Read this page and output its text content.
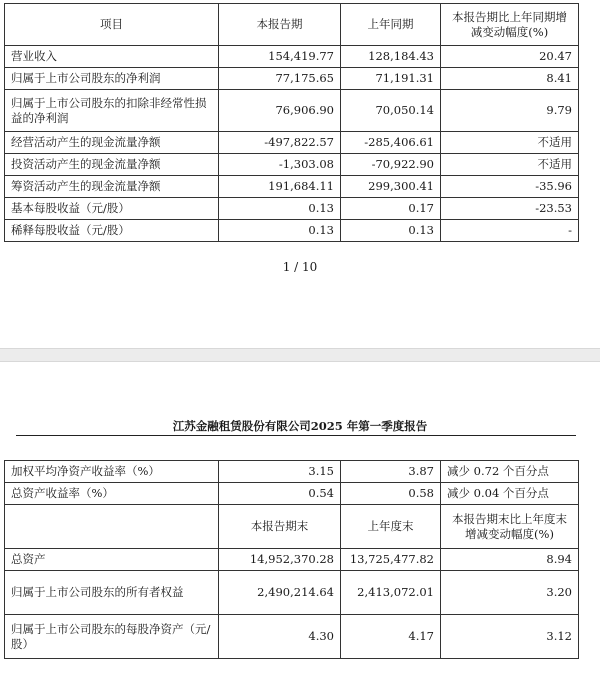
项目	本报告期	上年同期	本报告期比上年同期增减变动幅度(%)
营业收入	154,419.77	128,184.43	20.47
归属于上市公司股东的净利润	77,175.65	71,191.31	8.41
归属于上市公司股东的扣除非经常性损益的净利润	76,906.90	70,050.14	9.79
经营活动产生的现金流量净额	-497,822.57	-285,406.61	不适用
投资活动产生的现金流量净额	-1,303.08	-70,922.90	不适用
筹资活动产生的现金流量净额	191,684.11	299,300.41	-35.96
基本每股收益（元/股）	0.13	0.17	-23.53
稀释每股收益（元/股）	0.13	0.13	-
1 / 10
江苏金融租赁股份有限公司2025 年第一季度报告
加权平均净资产收益率（%）	3.15	3.87	减少 0.72 个百分点
总资产收益率（%）	0.54	0.58	减少 0.04 个百分点
	本报告期末	上年度末	本报告期末比上年度末增减变动幅度(%)
总资产	14,952,370.28	13,725,477.82	8.94
归属于上市公司股东的所有者权益	2,490,214.64	2,413,072.01	3.20
归属于上市公司股东的每股净资产（元/股）	4.30	4.17	3.12
